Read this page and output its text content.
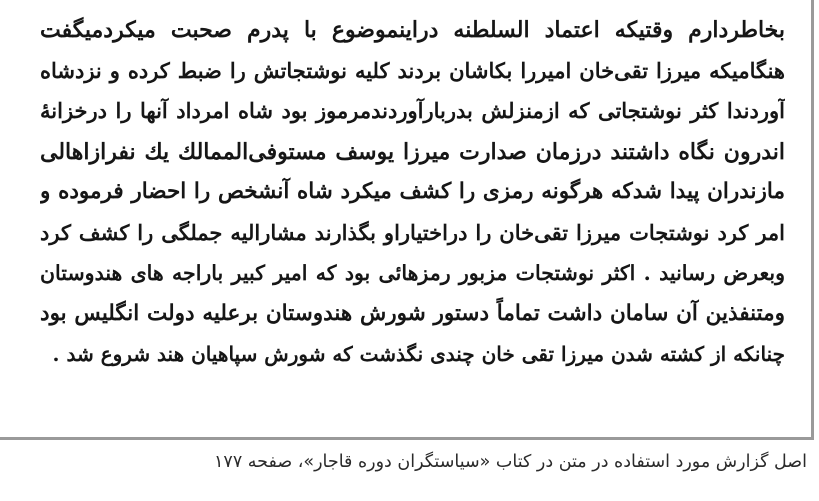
بخاطردارم وقتیکه اعتماد السلطنه دراینموضوع با پدرم صحبت میکردمیگفت
هنگامیکه میرزا تقی‌خان امیررا بکاشان بردند کلیه نوشتجاتش را ضبط کرده و نزدشاه
آوردندا کثر نوشتجاتی که ازمنزلش بدربارآوردندمرموز بود شاه امرداد آنها را درخزانهٔ
اندرون نگاه داشتند درزمان صدارت میرزا یوسف مستوفی‌الممالك یك نفرازاهالی
مازندران پیدا شدكه هرگونه رمزی را کشف میکرد شاه آنشخص را احضار فرموده و
امر کرد نوشتجات میرزا تقی‌خان را دراختیاراو بگذارند مشارالیه جملگی را کشف کرد
وبعرض رسانید . اکثر نوشتجات مزبور رمزهائی بود که امیر کبیر باراجه های هندوستان
ومتنفذین آن سامان داشت تماماً دستور شورش هندوستان برعلیه دولت انگلیس بود
چنانکه از کشته شدن میرزا تقی خان چندی نگذشت که شورش سپاهیان هند شروع شد .
اصل گزارش مورد استفاده در متن در کتاب «سیاستگران دوره قاجار»، صفحه ۱۷۷
